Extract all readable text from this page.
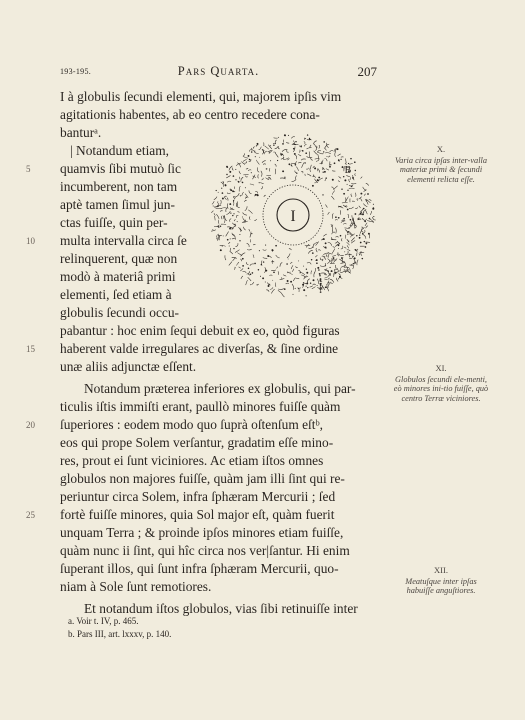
193-195.	Pars Quarta.	207
I à globulis ſecundi elementi, qui, majorem ipſis vim
agitationis habentes, ab eo centro recedere cona-
banturᵃ.
| Notandum etiam,
quamvis ſibi mutuò ſic
incumberent, non tam
aptè tamen ſimul jun-
ctas fuiſſe, quin per-
multa intervalla circa ſe
relinquerent, quæ non
modò à materiâ primi
elementi, ſed etiam à
globulis ſecundi occu-
pabantur : hoc enim ſequi debuit ex eo, quòd figuras
haberent valde irregulares ac diverſas, & ſine ordine
unæ aliis adjunctæ eſſent.
Notandum præterea inferiores ex globulis, qui par-
ticulis iſtis immiſti erant, paullò minores fuiſſe quàm
ſuperiores : eodem modo quo ſuprà oſtenſum eſtᵇ,
eos qui prope Solem verſantur, gradatim eſſe mino-
res, prout ei ſunt viciniores. Ac etiam iſtos omnes
globulos non majores fuiſſe, quàm jam illi ſint qui re-
periuntur circa Solem, infra ſphæram Mercurii ; ſed
fortè fuiſſe minores, quia Sol major eſt, quàm fuerit
unquam Terra ; & proinde ipſos minores etiam fuiſſe,
quàm nunc ii ſint, qui hîc circa nos ver|ſantur. Hi enim
ſuperant illos, qui ſunt infra ſphæram Mercurii, quo-
niam à Sole ſunt remotiores.
Et notandum iſtos globulos, vias ſibi retinuiſſe inter
5
10
15
20
25
X.
Varia circa ipſas inter-valla materiæ primi & ſecundi elementi relicta eſſe.
XI.
Globulos ſecundi ele-menti, eò minores ini-tio fuiſſe, quò centro Terræ viciniores.
XII.
Meatuſque inter ipſas habuiſſe anguſtiores.
I
B
A
a. Voir t. IV, p. 465.
b. Pars III, art. lxxxv, p. 140.
